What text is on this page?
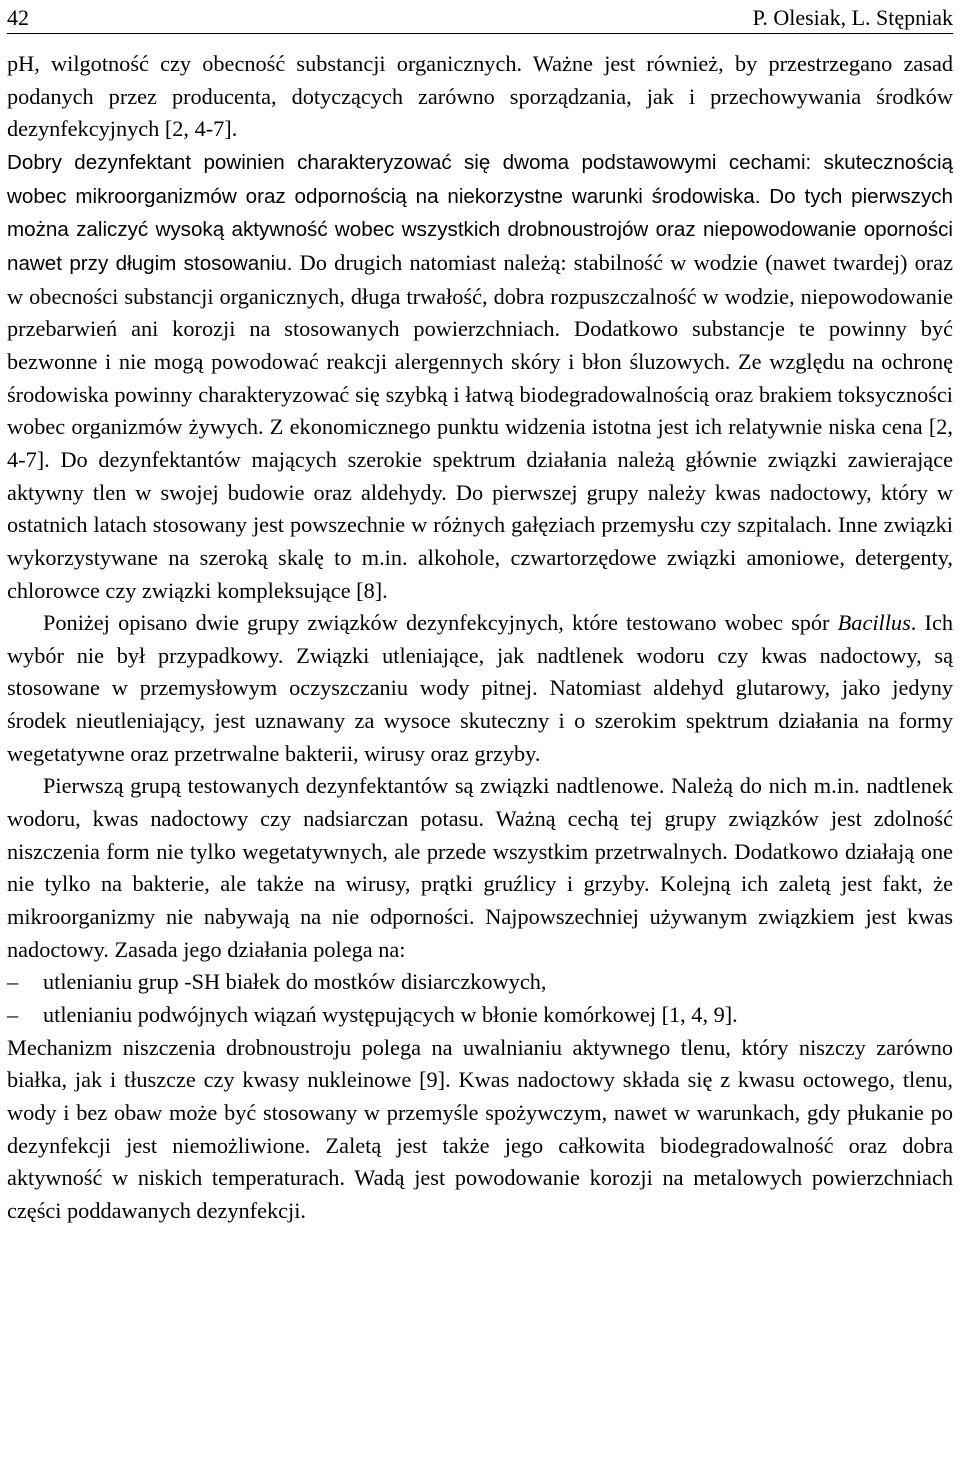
42	P. Olesiak, L. Stępniak

pH, wilgotność czy obecność substancji organicznych. Ważne jest również, by przestrzegano zasad podanych przez producenta, dotyczących zarówno sporządzania, jak i przechowywania środków dezynfekcyjnych [2, 4-7].

Dobry dezynfektant powinien charakteryzować się dwoma podstawowymi cechami: skutecznością wobec mikroorganizmów oraz odpornością na niekorzystne warunki środowiska. Do tych pierwszych można zaliczyć wysoką aktywność wobec wszystkich drobnoustrojów oraz niepowodowanie oporności nawet przy długim stosowaniu. Do drugich natomiast należą: stabilność w wodzie (nawet twardej) oraz w obecności substancji organicznych, długa trwałość, dobra rozpuszczalność w wodzie, niepowodowanie przebarwień ani korozji na stosowanych powierzchniach. Dodatkowo substancje te powinny być bezwonne i nie mogą powodować reakcji alergennych skóry i błon śluzowych. Ze względu na ochronę środowiska powinny charakteryzować się szybką i łatwą biodegradowalnością oraz brakiem toksyczności wobec organizmów żywych. Z ekonomicznego punktu widzenia istotna jest ich relatywnie niska cena [2, 4-7]. Do dezynfektantów mających szerokie spektrum działania należą głównie związki zawierające aktywny tlen w swojej budowie oraz aldehydy. Do pierwszej grupy należy kwas nadoctowy, który w ostatnich latach stosowany jest powszechnie w różnych gałęziach przemysłu czy szpitalach. Inne związki wykorzystywane na szeroką skalę to m.in. alkohole, czwartorzędowe związki amoniowe, detergenty, chlorowce czy związki kompleksujące [8].

Poniżej opisano dwie grupy związków dezynfekcyjnych, które testowano wobec spór Bacillus. Ich wybór nie był przypadkowy. Związki utleniające, jak nadtlenek wodoru czy kwas nadoctowy, są stosowane w przemysłowym oczyszczaniu wody pitnej. Natomiast aldehyd glutarowy, jako jedyny środek nieutleniający, jest uznawany za wysoce skuteczny i o szerokim spektrum działania na formy wegetatywne oraz przetrwalne bakterii, wirusy oraz grzyby.

Pierwszą grupą testowanych dezynfektantów są związki nadtlenowe. Należą do nich m.in. nadtlenek wodoru, kwas nadoctowy czy nadsiarczan potasu. Ważną cechą tej grupy związków jest zdolność niszczenia form nie tylko wegetatywnych, ale przede wszystkim przetrwalnych. Dodatkowo działają one nie tylko na bakterie, ale także na wirusy, prątki gruźlicy i grzyby. Kolejną ich zaletą jest fakt, że mikroorganizmy nie nabywają na nie odporności. Najpowszechniej używanym związkiem jest kwas nadoctowy. Zasada jego działania polega na:

– utlenianiu grup -SH białek do mostków disiarczkowych,
– utlenianiu podwójnych wiązań występujących w błonie komórkowej [1, 4, 9].

Mechanizm niszczenia drobnoustroju polega na uwalnianiu aktywnego tlenu, który niszczy zarówno białka, jak i tłuszcze czy kwasy nukleinowe [9]. Kwas nadoctowy składa się z kwasu octowego, tlenu, wody i bez obaw może być stosowany w przemyśle spożywczym, nawet w warunkach, gdy płukanie po dezynfekcji jest niemożliwione. Zaletą jest także jego całkowita biodegradowalność oraz dobra aktywność w niskich temperaturach. Wadą jest powodowanie korozji na metalowych powierzchniach części poddawanych dezynfekcji.
